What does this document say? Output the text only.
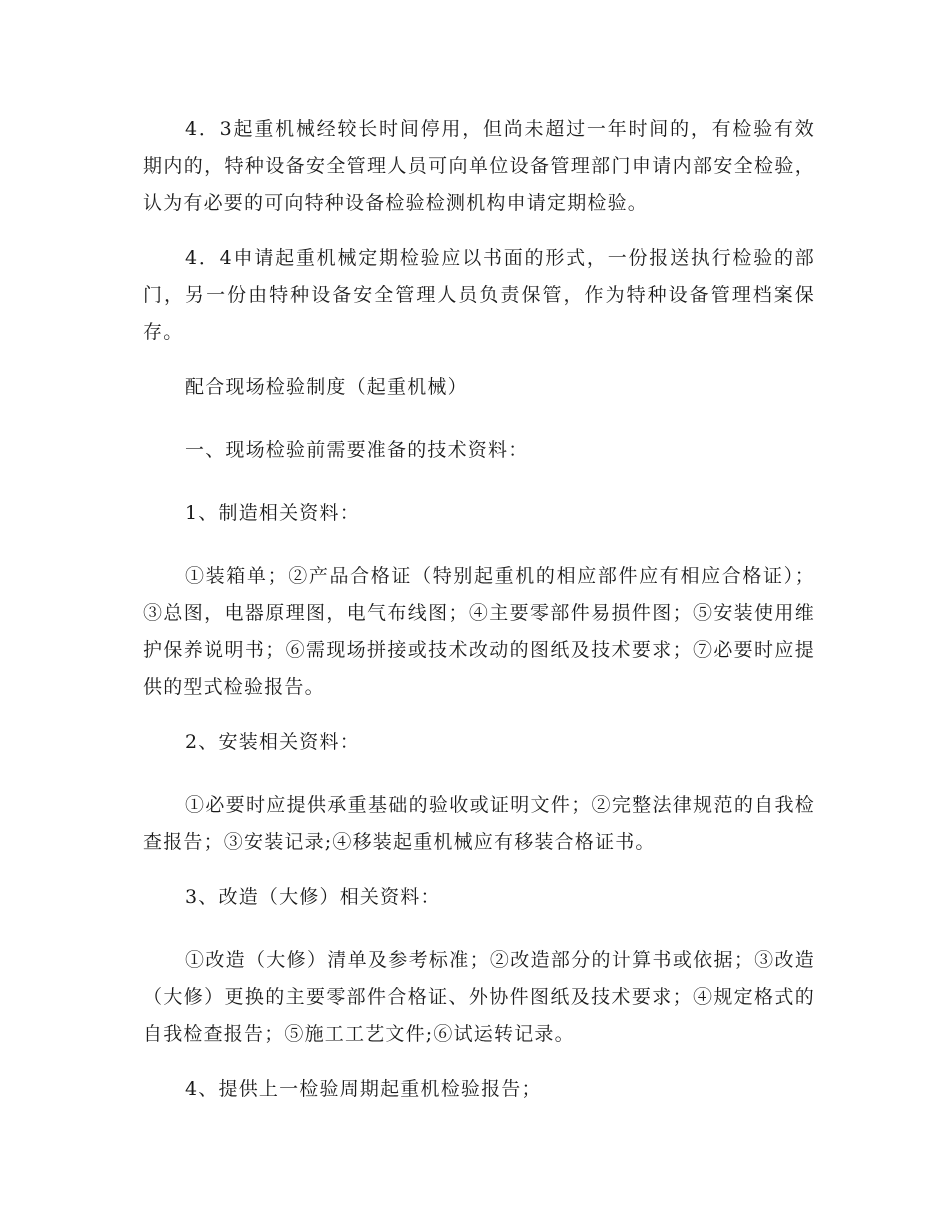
4．3起重机械经较长时间停用，但尚未超过一年时间的，有检验有效期内的，特种设备安全管理人员可向单位设备管理部门申请内部安全检验，认为有必要的可向特种设备检验检测机构申请定期检验。

4．4申请起重机械定期检验应以书面的形式，一份报送执行检验的部门，另一份由特种设备安全管理人员负责保管，作为特种设备管理档案保存。

配合现场检验制度（起重机械）

一、现场检验前需要准备的技术资料：

1、制造相关资料：

①装箱单；②产品合格证（特别起重机的相应部件应有相应合格证）；③总图，电器原理图，电气布线图；④主要零部件易损件图；⑤安装使用维护保养说明书；⑥需现场拼接或技术改动的图纸及技术要求；⑦必要时应提供的型式检验报告。

2、安装相关资料：

①必要时应提供承重基础的验收或证明文件；②完整法律规范的自我检查报告；③安装记录;④移装起重机械应有移装合格证书。

3、改造（大修）相关资料：

①改造（大修）清单及参考标准；②改造部分的计算书或依据；③改造（大修）更换的主要零部件合格证、外协件图纸及技术要求；④规定格式的自我检查报告；⑤施工工艺文件;⑥试运转记录。

4、提供上一检验周期起重机检验报告；
